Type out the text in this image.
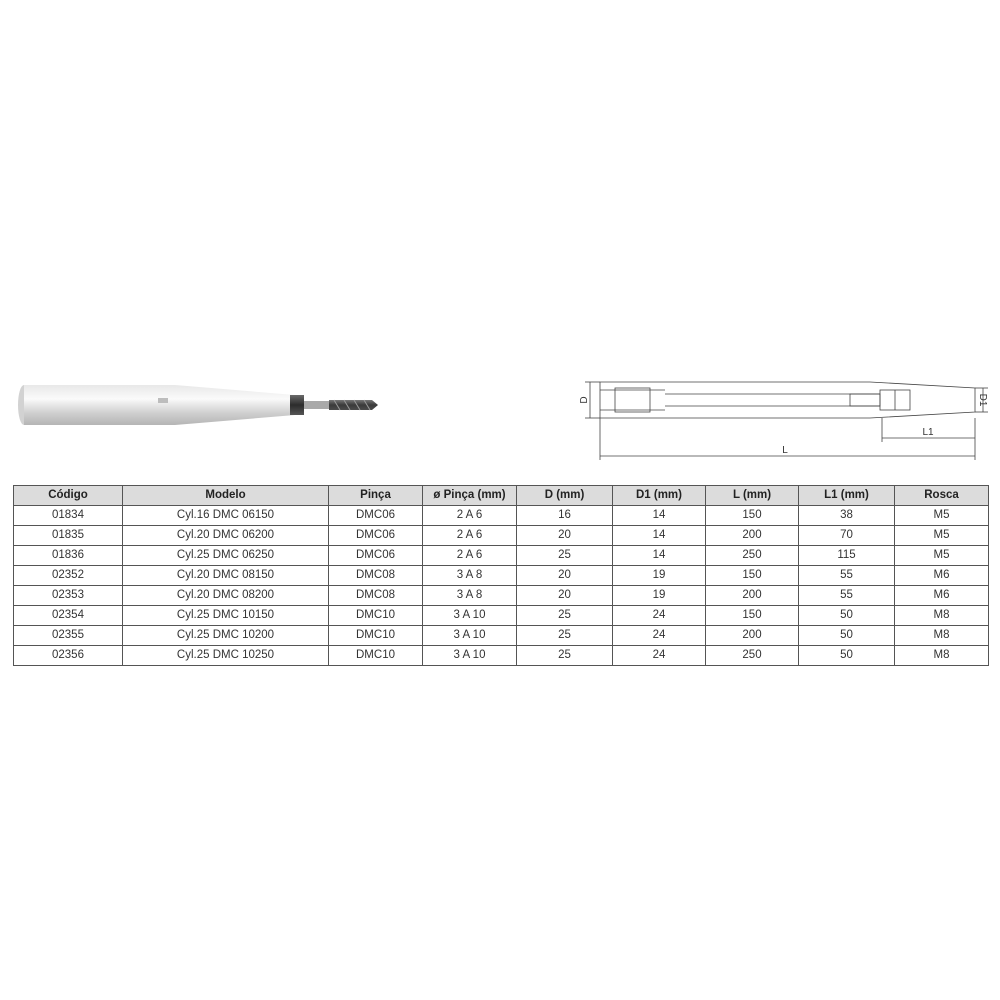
D	D1
L1
L
Código	Modelo	Pinça	ø Pinça (mm)	D (mm)	D1 (mm)	L (mm)	L1 (mm)	Rosca
01834	Cyl.16 DMC 06150	DMC06	2 A 6	16	14	150	38	M5
01835	Cyl.20 DMC 06200	DMC06	2 A 6	20	14	200	70	M5
01836	Cyl.25 DMC 06250	DMC06	2 A 6	25	14	250	115	M5
02352	Cyl.20 DMC 08150	DMC08	3 A 8	20	19	150	55	M6
02353	Cyl.20 DMC 08200	DMC08	3 A 8	20	19	200	55	M6
02354	Cyl.25 DMC 10150	DMC10	3 A 10	25	24	150	50	M8
02355	Cyl.25 DMC 10200	DMC10	3 A 10	25	24	200	50	M8
02356	Cyl.25 DMC 10250	DMC10	3 A 10	25	24	250	50	M8
